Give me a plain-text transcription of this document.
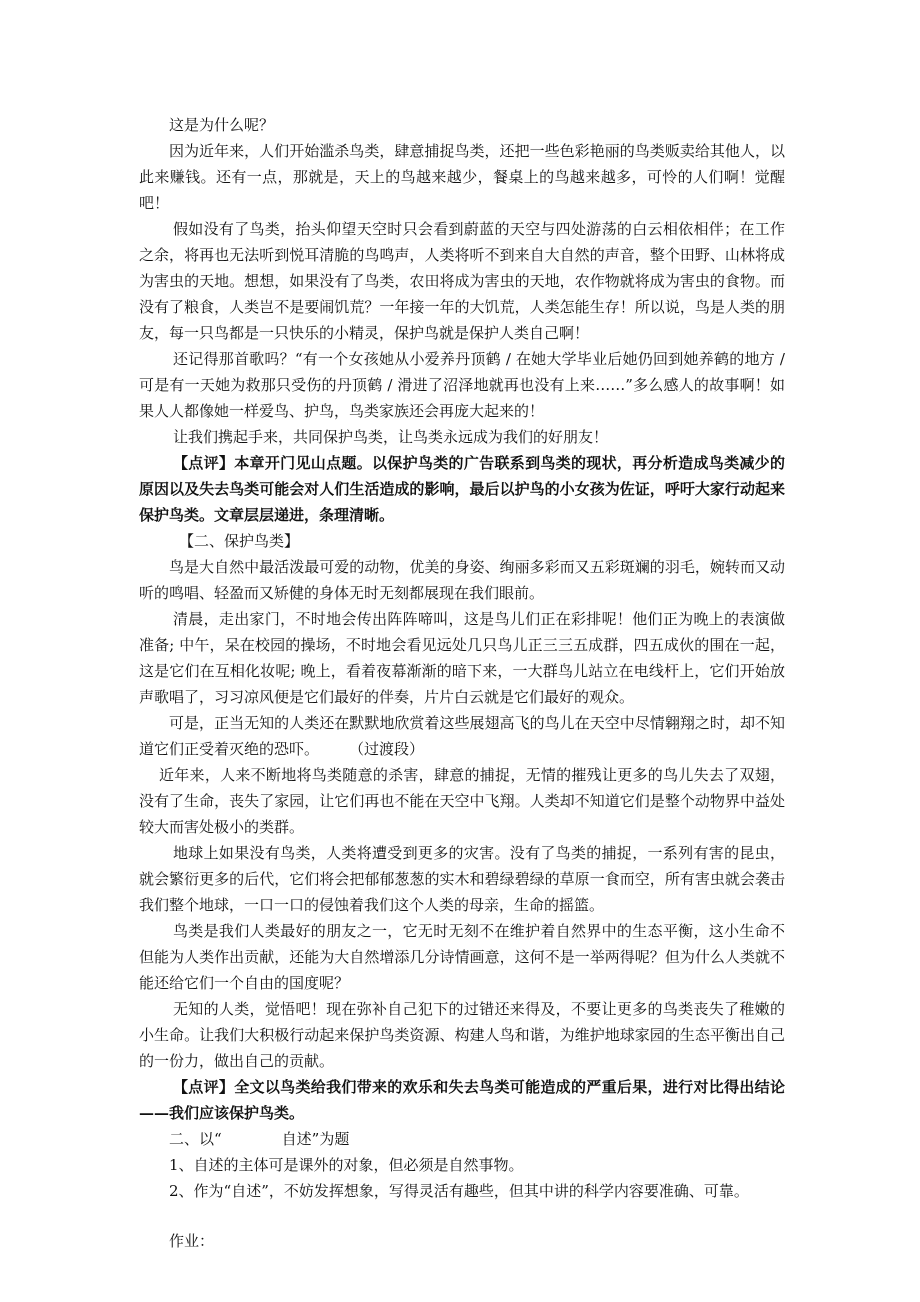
这是为什么呢？

因为近年来，人们开始滥杀鸟类，肆意捕捉鸟类，还把一些色彩艳丽的鸟类贩卖给其他人，以此来赚钱。还有一点，那就是，天上的鸟越来越少，餐桌上的鸟越来越多，可怜的人们啊！觉醒吧！

假如没有了鸟类，抬头仰望天空时只会看到蔚蓝的天空与四处游荡的白云相依相伴；在工作之余，将再也无法听到悦耳清脆的鸟鸣声，人类将听不到来自大自然的声音，整个田野、山林将成为害虫的天地。想想，如果没有了鸟类，农田将成为害虫的天地，农作物就将成为害虫的食物。而没有了粮食，人类岂不是要闹饥荒？一年接一年的大饥荒，人类怎能生存！所以说，鸟是人类的朋友，每一只鸟都是一只快乐的小精灵，保护鸟就是保护人类自己啊！

还记得那首歌吗？“有一个女孩她从小爱养丹顶鹤 / 在她大学毕业后她仍回到她养鹤的地方 / 可是有一天她为救那只受伤的丹顶鹤 / 滑进了沼泽地就再也没有上来……”多么感人的故事啊！如果人人都像她一样爱鸟、护鸟，鸟类家族还会再庞大起来的！

让我们携起手来，共同保护鸟类，让鸟类永远成为我们的好朋友！

【点评】本章开门见山点题。以保护鸟类的广告联系到鸟类的现状，再分析造成鸟类减少的原因以及失去鸟类可能会对人们生活造成的影响，最后以护鸟的小女孩为佐证，呼吁大家行动起来保护鸟类。文章层层递进，条理清晰。

【二、保护鸟类】

鸟是大自然中最活泼最可爱的动物，优美的身姿、绚丽多彩而又五彩斑斓的羽毛，婉转而又动听的鸣唱、轻盈而又矫健的身体无时无刻都展现在我们眼前。

清晨，走出家门，不时地会传出阵阵啼叫，这是鸟儿们正在彩排呢！他们正为晚上的表演做准备; 中午，呆在校园的操场，不时地会看见远处几只鸟儿正三三五成群，四五成伙的围在一起，这是它们在互相化妆呢; 晚上，看着夜幕渐渐的暗下来，一大群鸟儿站立在电线杆上，它们开始放声歌唱了，习习凉风便是它们最好的伴奏，片片白云就是它们最好的观众。

可是，正当无知的人类还在默默地欣赏着这些展翅高飞的鸟儿在天空中尽情翱翔之时，却不知道它们正受着灭绝的恐吓。　　　（过渡段）

近年来，人来不断地将鸟类随意的杀害，肆意的捕捉，无情的摧残让更多的鸟儿失去了双翅，没有了生命，丧失了家园，让它们再也不能在天空中飞翔。人类却不知道它们是整个动物界中益处较大而害处极小的类群。

地球上如果没有鸟类，人类将遭受到更多的灾害。没有了鸟类的捕捉，一系列有害的昆虫，就会繁衍更多的后代，它们将会把郁郁葱葱的实木和碧绿碧绿的草原一食而空，所有害虫就会袭击我们整个地球，一口一口的侵蚀着我们这个人类的母亲，生命的摇篮。

鸟类是我们人类最好的朋友之一，它无时无刻不在维护着自然界中的生态平衡，这小生命不但能为人类作出贡献，还能为大自然增添几分诗情画意，这何不是一举两得呢？但为什么人类就不能还给它们一个自由的国度呢？

无知的人类，觉悟吧！现在弥补自己犯下的过错还来得及，不要让更多的鸟类丧失了稚嫩的小生命。让我们大积极行动起来保护鸟类资源、构建人鸟和谐，为维护地球家园的生态平衡出自己的一份力，做出自己的贡献。

【点评】全文以鸟类给我们带来的欢乐和失去鸟类可能造成的严重后果，进行对比得出结论——我们应该保护鸟类。

二、以“　　　　自述”为题

1、自述的主体可是课外的对象，但必须是自然事物。

2、作为“自述”，不妨发挥想象，写得灵活有趣些，但其中讲的科学内容要准确、可靠。

作业：
